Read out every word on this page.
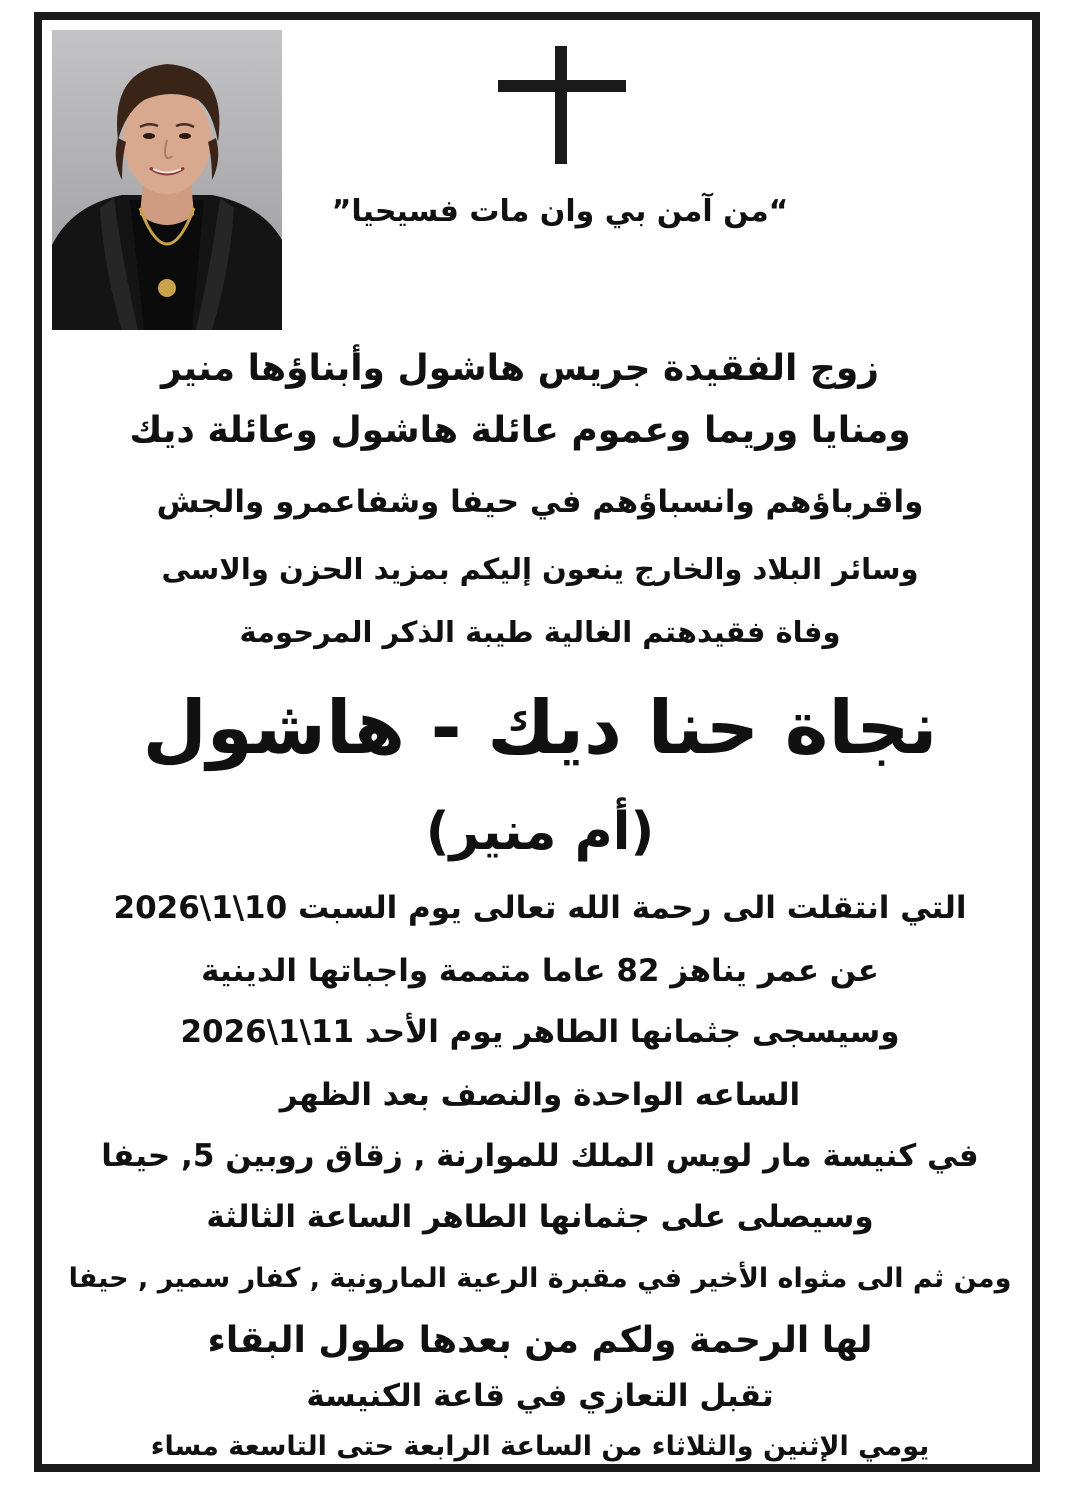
“من آمن بي وان مات فسيحيا”
زوج الفقيدة جريس هاشول وأبناؤها منير
ومنايا وريما وعموم عائلة هاشول وعائلة ديك
واقرباؤهم وانسباؤهم في حيفا وشفاعمرو والجش
وسائر البلاد والخارج ينعون إليكم بمزيد الحزن والاسى
وفاة فقيدهتم الغالية طيبة الذكر المرحومة
نجاة حنا ديك - هاشول
(أم منير)
التي انتقلت الى رحمة الله تعالى يوم السبت 10\1\2026
عن عمر يناهز 82 عاما متممة واجباتها الدينية
وسيسجى جثمانها الطاهر يوم الأحد 11\1\2026
الساعه الواحدة والنصف بعد الظهر
في كنيسة مار لويس الملك للموارنة , زقاق روبين 5, حيفا
وسيصلى على جثمانها الطاهر الساعة الثالثة
ومن ثم الى مثواه الأخير في مقبرة الرعية المارونية , كفار سمير , حيفا
لها الرحمة ولكم من بعدها طول البقاء
تقبل التعازي في قاعة الكنيسة
يومي الإثنين والثلاثاء من الساعة الرابعة حتى التاسعة مساء
